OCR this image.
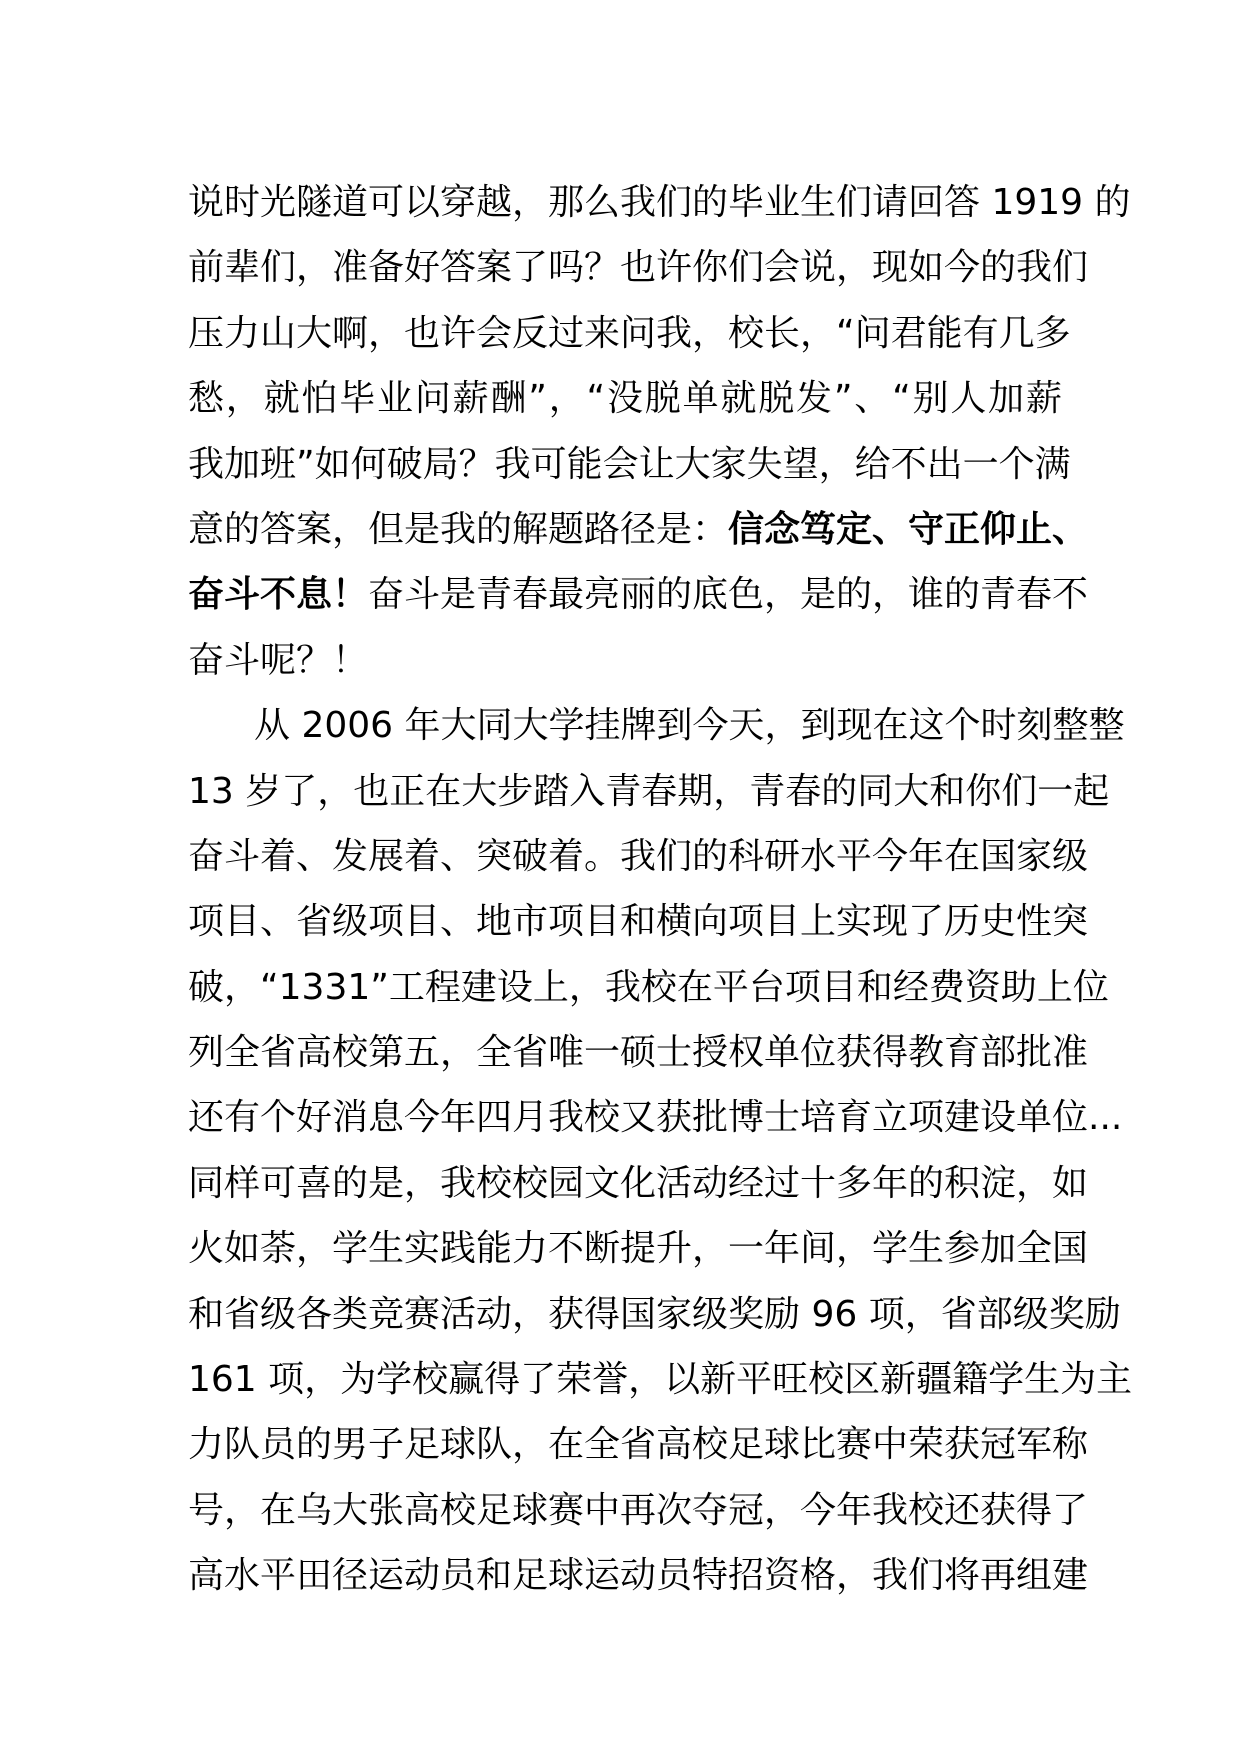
说时光隧道可以穿越，那么我们的毕业生们请回答 1919 的
前辈们，准备好答案了吗？也许你们会说，现如今的我们
压力山大啊，也许会反过来问我，校长，“问君能有几多
愁，就怕毕业问薪酬”，“没脱单就脱发”、“别人加薪
我加班”如何破局？我可能会让大家失望，给不出一个满
意的答案，但是我的解题路径是：信念笃定、守正仰止、
奋斗不息！奋斗是青春最亮丽的底色，是的，谁的青春不
奋斗呢？！
从 2006 年大同大学挂牌到今天，到现在这个时刻整整
13 岁了，也正在大步踏入青春期，青春的同大和你们一起
奋斗着、发展着、突破着。我们的科研水平今年在国家级
项目、省级项目、地市项目和横向项目上实现了历史性突
破，“1331”工程建设上，我校在平台项目和经费资助上位
列全省高校第五，全省唯一硕士授权单位获得教育部批准
还有个好消息今年四月我校又获批博士培育立项建设单位...
同样可喜的是，我校校园文化活动经过十多年的积淀，如
火如荼，学生实践能力不断提升，一年间，学生参加全国
和省级各类竞赛活动，获得国家级奖励 96 项，省部级奖励
161 项，为学校赢得了荣誉，以新平旺校区新疆籍学生为主
力队员的男子足球队，在全省高校足球比赛中荣获冠军称
号，在乌大张高校足球赛中再次夺冠，今年我校还获得了
高水平田径运动员和足球运动员特招资格，我们将再组建
